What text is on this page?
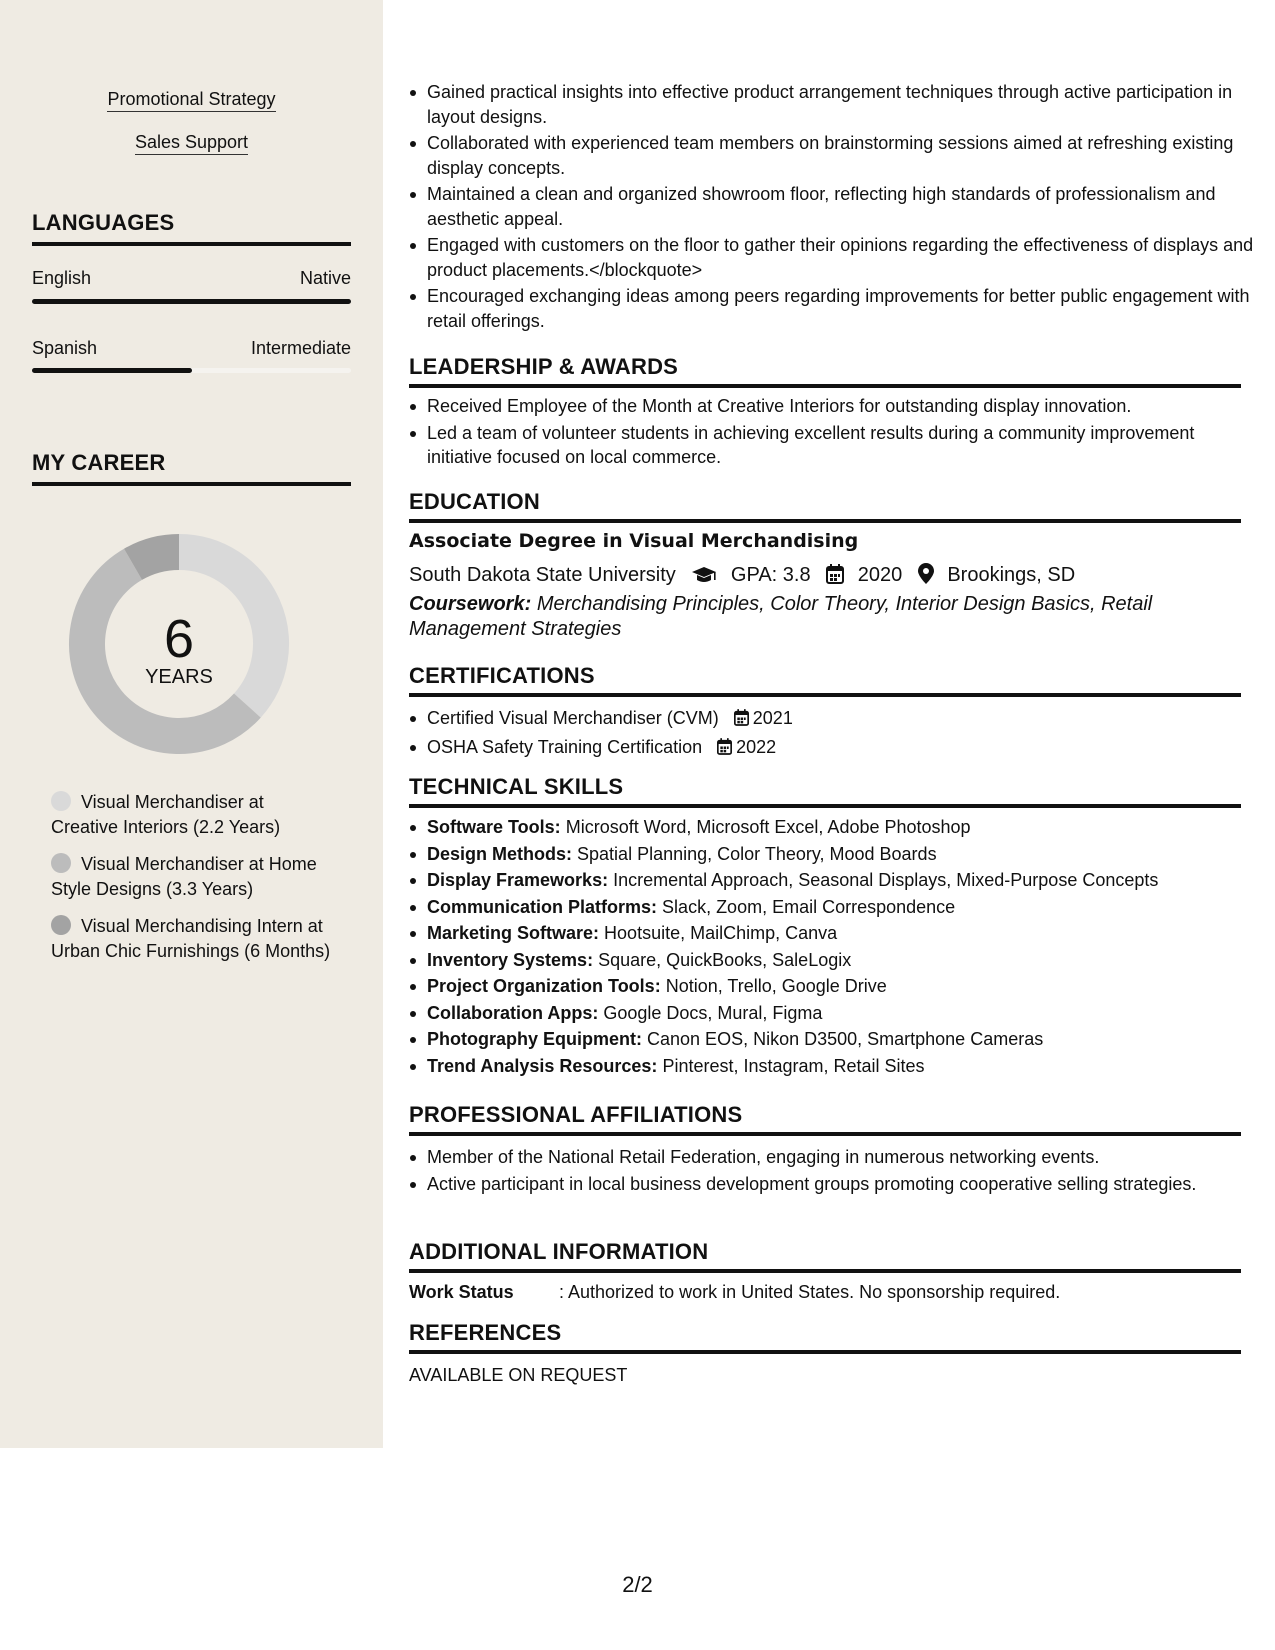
Promotional Strategy
Sales Support
LANGUAGES
English	Native
Spanish	Intermediate
MY CAREER
6
YEARS
Visual Merchandiser at Creative Interiors (2.2 Years)
Visual Merchandiser at Home Style Designs (3.3 Years)
Visual Merchandising Intern at Urban Chic Furnishings (6 Months)
Gained practical insights into effective product arrangement techniques through active participation in layout designs.
Collaborated with experienced team members on brainstorming sessions aimed at refreshing existing display concepts.
Maintained a clean and organized showroom floor, reflecting high standards of professionalism and aesthetic appeal.
Engaged with customers on the floor to gather their opinions regarding the effectiveness of displays and product placements.</blockquote>
Encouraged exchanging ideas among peers regarding improvements for better public engagement with retail offerings.
LEADERSHIP & AWARDS
Received Employee of the Month at Creative Interiors for outstanding display innovation.
Led a team of volunteer students in achieving excellent results during a community improvement initiative focused on local commerce.
EDUCATION
Associate Degree in Visual Merchandising
South Dakota State University	GPA: 3.8 2020 Brookings, SD
Coursework: Merchandising Principles, Color Theory, Interior Design Basics, Retail Management Strategies
CERTIFICATIONS
Certified Visual Merchandiser (CVM) 2021
OSHA Safety Training Certification 2022
TECHNICAL SKILLS
Software Tools: Microsoft Word, Microsoft Excel, Adobe Photoshop
Design Methods: Spatial Planning, Color Theory, Mood Boards
Display Frameworks: Incremental Approach, Seasonal Displays, Mixed-Purpose Concepts
Communication Platforms: Slack, Zoom, Email Correspondence
Marketing Software: Hootsuite, MailChimp, Canva
Inventory Systems: Square, QuickBooks, SaleLogix
Project Organization Tools: Notion, Trello, Google Drive
Collaboration Apps: Google Docs, Mural, Figma
Photography Equipment: Canon EOS, Nikon D3500, Smartphone Cameras
Trend Analysis Resources: Pinterest, Instagram, Retail Sites
PROFESSIONAL AFFILIATIONS
Member of the National Retail Federation, engaging in numerous networking events.
Active participant in local business development groups promoting cooperative selling strategies.
ADDITIONAL INFORMATION
Work Status	: Authorized to work in United States. No sponsorship required.
REFERENCES
AVAILABLE ON REQUEST
2/2
